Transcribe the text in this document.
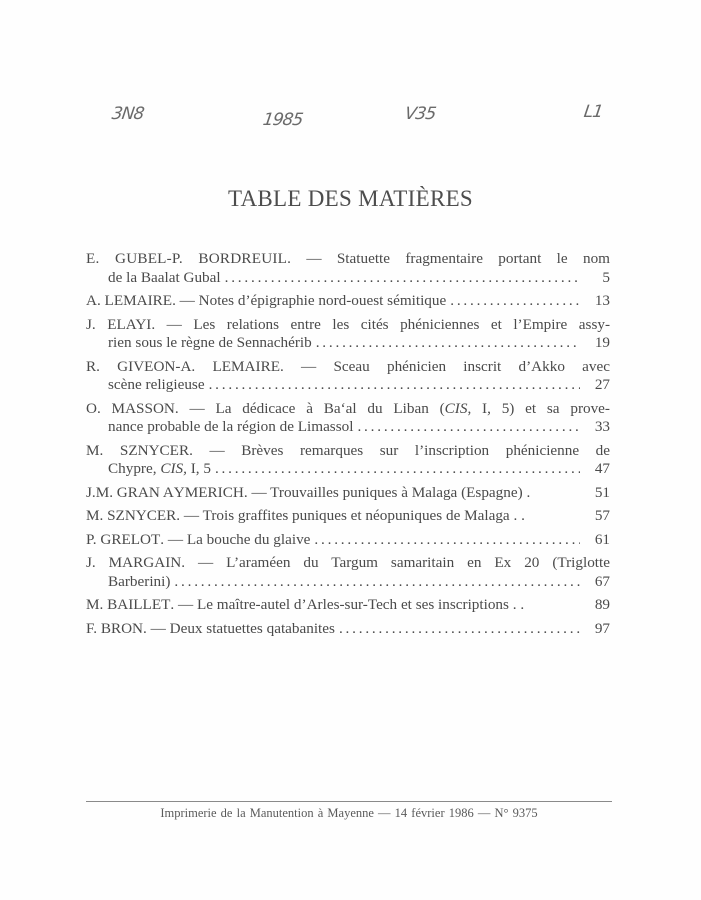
3N8	1985	V35	L1
TABLE DES MATIÈRES
E. GUBEL-P. BORDREUIL. — Statuette fragmentaire portant le nom
de la Baalat Gubal . . .	5
A. LEMAIRE. — Notes d’épigraphie nord-ouest sémitique . . .	13
J. ELAYI. — Les relations entre les cités phéniciennes et l’Empire assy-
rien sous le règne de Sennachérib . . .	19
R. GIVEON-A. LEMAIRE. — Sceau phénicien inscrit d’Akko avec
scène religieuse . . .	27
O. MASSON. — La dédicace à Ba‘al du Liban (CIS, I, 5) et sa prove-
nance probable de la région de Limassol . . .	33
M. SZNYCER. — Brèves remarques sur l’inscription phénicienne de
Chypre, CIS, I, 5 . . .	47
J.M. GRAN AYMERICH. — Trouvailles puniques à Malaga (Espagne) .	51
M. SZNYCER. — Trois graffites puniques et néopuniques de Malaga . .	57
P. GRELOT. — La bouche du glaive . . .	61
J. MARGAIN. — L’araméen du Targum samaritain en Ex 20 (Triglotte
Barberini) . . .	67
M. BAILLET. — Le maître-autel d’Arles-sur-Tech et ses inscriptions . .	89
F. BRON. — Deux statuettes qatabanites . . .	97
Imprimerie de la Manutention à Mayenne — 14 février 1986 — N° 9375
